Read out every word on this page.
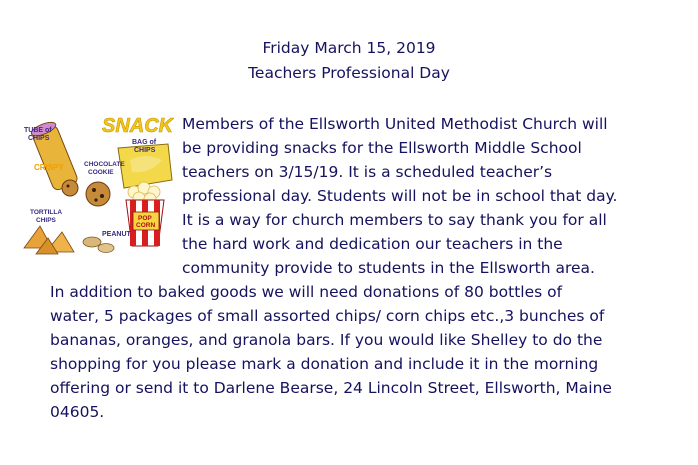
Friday March 15, 2019
Teachers Professional Day
SNACK
TUBE of CHIPS
CRISPY
BAG of CHIPS
CHOCOLATE COOKIE
POP CORN
TORTILLA CHIPS
PEANUT
Members of the Ellsworth United Methodist Church will
be providing snacks for the Ellsworth Middle School
teachers on 3/15/19. It is a scheduled teacher’s
professional day. Students will not be in school that day.
It is a way for church members to say thank you for all
the hard work and dedication our teachers in the
community provide to students in the Ellsworth area.
In addition to baked goods we will need donations of 80 bottles of
water, 5 packages of small assorted chips/ corn chips etc.,3 bunches of
bananas, oranges, and granola bars. If you would like Shelley to do the
shopping for you please mark a donation and include it in the morning
offering or send it to Darlene Bearse, 24 Lincoln Street, Ellsworth, Maine
04605.
